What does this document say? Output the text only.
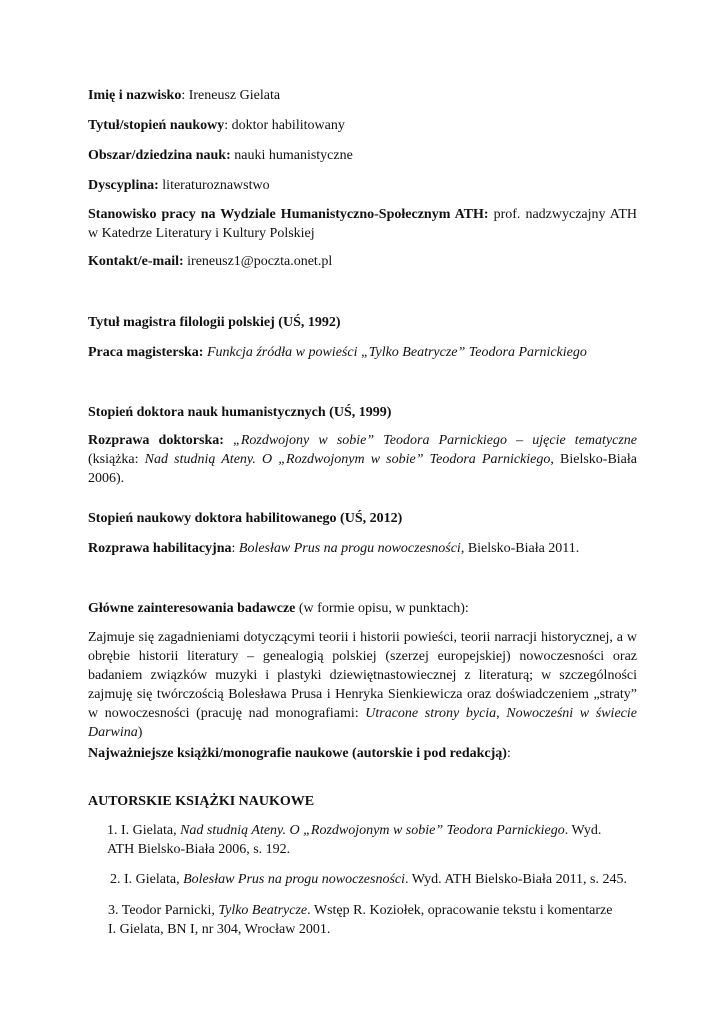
Imię i nazwisko: Ireneusz Gielata

Tytuł/stopień naukowy: doktor habilitowany

Obszar/dziedzina nauk: nauki humanistyczne

Dyscyplina: literaturoznawstwo

Stanowisko pracy na Wydziale Humanistyczno-Społecznym ATH: prof. nadzwyczajny ATH w Katedrze Literatury i Kultury Polskiej

Kontakt/e-mail: ireneusz1@poczta.onet.pl

Tytuł magistra filologii polskiej (UŚ, 1992)

Praca magisterska: Funkcja źródła w powieści „Tylko Beatrycze” Teodora Parnickiego

Stopień doktora nauk humanistycznych (UŚ, 1999)

Rozprawa doktorska: „Rozdwojony w sobie” Teodora Parnickiego – ujęcie tematyczne (książka: Nad studnią Ateny. O „Rozdwojonym w sobie” Teodora Parnickiego, Bielsko-Biała 2006).

Stopień naukowy doktora habilitowanego (UŚ, 2012)

Rozprawa habilitacyjna: Bolesław Prus na progu nowoczesności, Bielsko-Biała 2011.

Główne zainteresowania badawcze (w formie opisu, w punktach):

Zajmuje się zagadnieniami dotyczącymi teorii i historii powieści, teorii narracji historycznej, a w obrębie historii literatury – genealogią polskiej (szerzej europejskiej) nowoczesności oraz badaniem związków muzyki i plastyki dziewiętnastowiecznej z literaturą; w szczególności zajmuję się twórczością Bolesława Prusa i Henryka Sienkiewicza oraz doświadczeniem „straty” w nowoczesności (pracuję nad monografiami: Utracone strony bycia, Nowocześni w świecie Darwina)

Najważniejsze książki/monografie naukowe (autorskie i pod redakcją):

AUTORSKIE KSIĄŻKI NAUKOWE

1. I. Gielata, Nad studnią Ateny. O „Rozdwojonym w sobie” Teodora Parnickiego. Wyd. ATH Bielsko-Biała 2006, s. 192.

2. I. Gielata, Bolesław Prus na progu nowoczesności. Wyd. ATH Bielsko-Biała 2011, s. 245.

3. Teodor Parnicki, Tylko Beatrycze. Wstęp R. Koziołek, opracowanie tekstu i komentarze I. Gielata, BN I, nr 304, Wrocław 2001.
